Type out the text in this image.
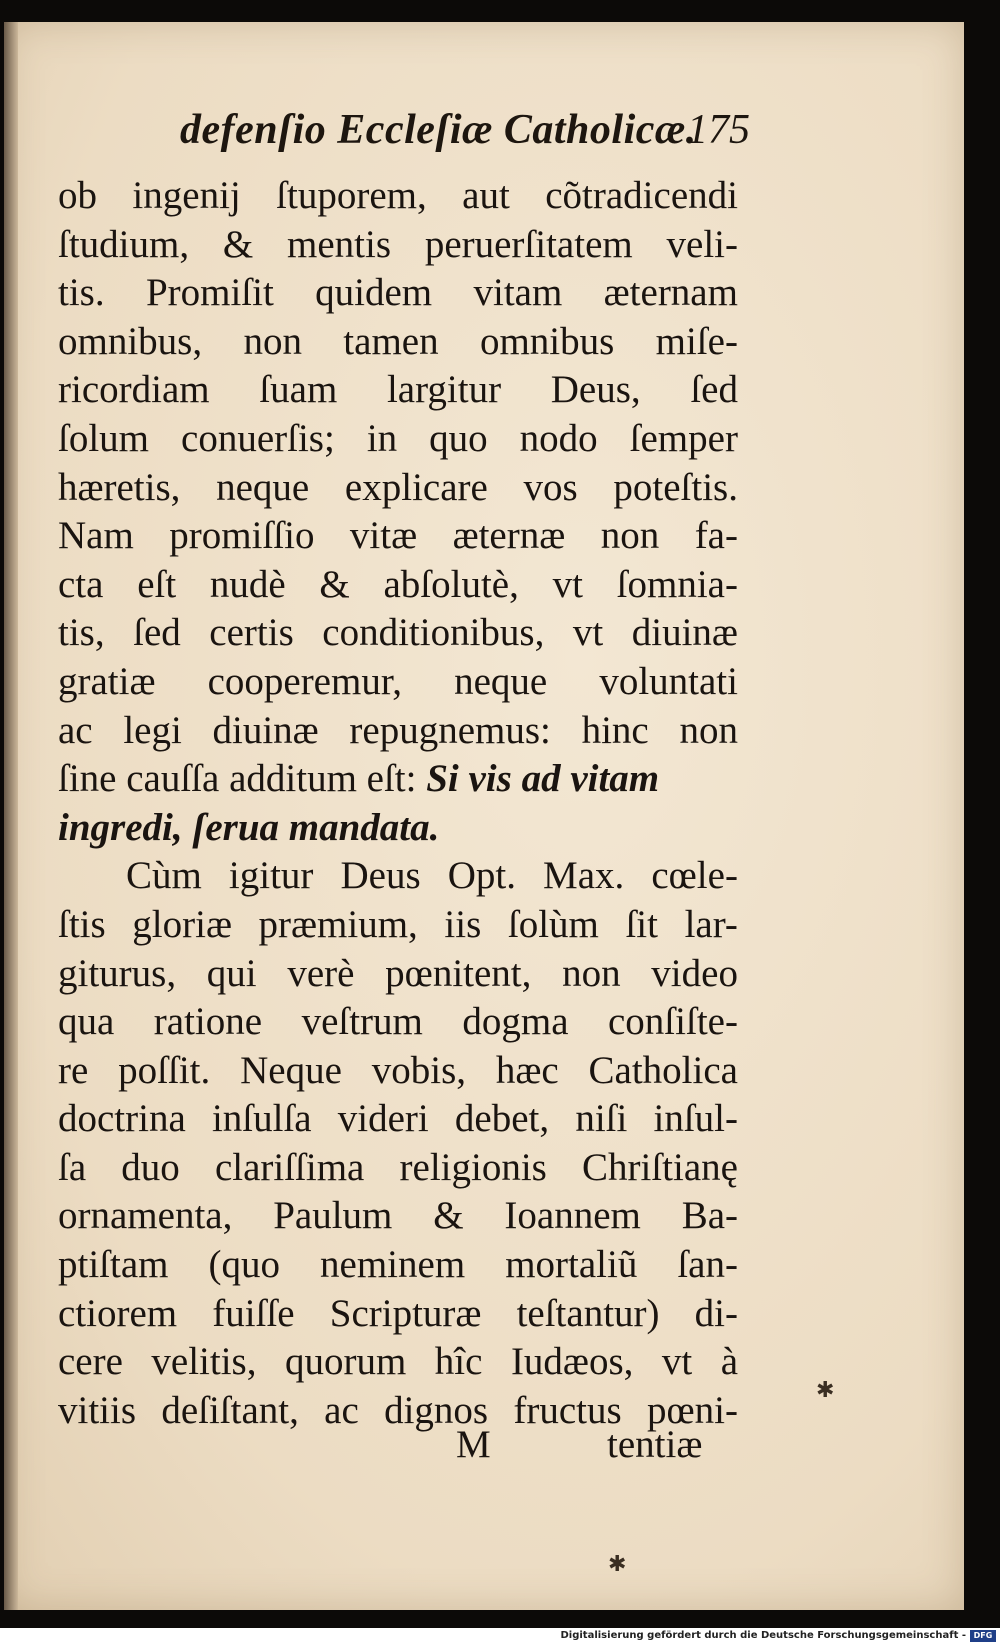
defenſio Eccleſiæ Catholicæ.
175
ob ingenij ſtuporem, aut cõtradicendi
ſtudium, & mentis peruerſitatem veli-
tis. Promiſit quidem vitam æternam
omnibus, non tamen omnibus miſe-
ricordiam ſuam largitur Deus, ſed
ſolum conuerſis; in quo nodo ſemper
hæretis, neque explicare vos poteſtis.
Nam promiſſio vitæ æternæ non fa-
cta eſt nudè & abſolutè, vt ſomnia-
tis, ſed certis conditionibus, vt diuinæ
gratiæ cooperemur, neque voluntati
ac legi diuinæ repugnemus: hinc non
ſine cauſſa additum eſt:
Si vis ad vitam
ingredi, ſerua mandata.
Cùm igitur Deus Opt. Max. cœle-
ſtis gloriæ præmium, iis ſolùm ſit lar-
giturus, qui verè pœnitent, non video
qua ratione veſtrum dogma conſiſte-
re poſſit. Neque vobis, hæc Catholica
doctrina inſulſa videri debet, niſi inſul-
ſa duo clariſſima religionis Chriſtianę
ornamenta, Paulum & Ioannem Ba-
ptiſtam (quo neminem mortaliũ ſan-
ctiorem fuiſſe Scripturæ teſtantur) di-
cere velitis, quorum hîc Iudæos, vt à
vitiis deſiſtant, ac dignos fructus pœni-
M	tentiæ
✱
✱
Digitalisierung gefördert durch die Deutsche Forschungsgemeinschaft - DFG
